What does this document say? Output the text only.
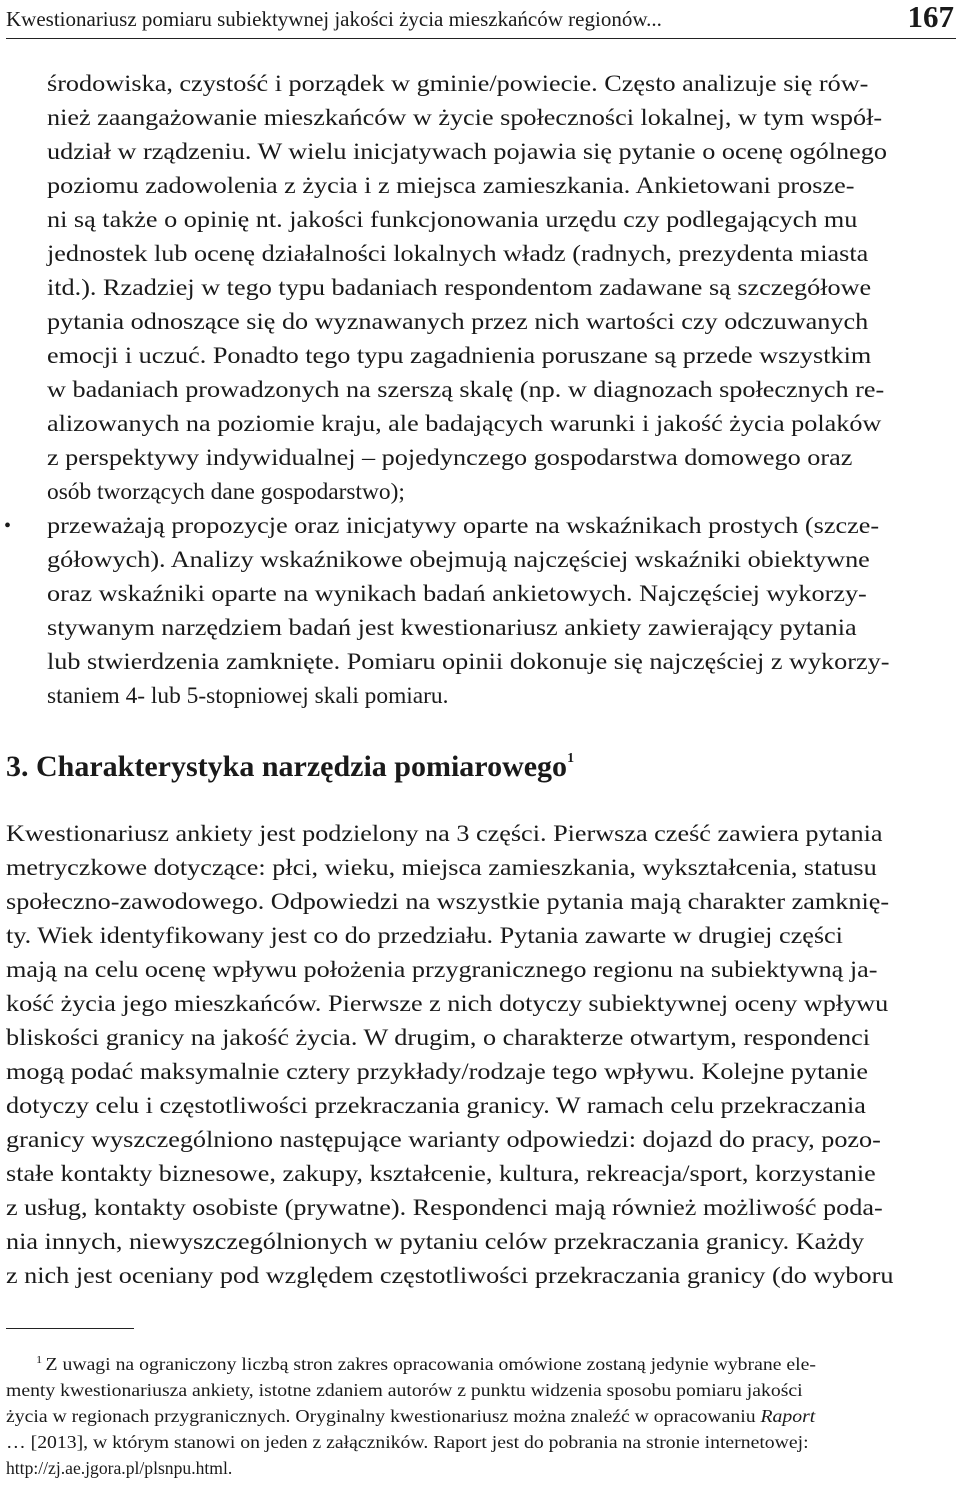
Kwestionariusz pomiaru subiektywnej jakości życia mieszkańców regionów...	167
środowiska, czystość i porządek w gminie/powiecie. Często analizuje się rów-
nież zaangażowanie mieszkańców w życie społeczności lokalnej, w tym współ-
udział w rządzeniu. W wielu inicjatywach pojawia się pytanie o ocenę ogólnego
poziomu zadowolenia z życia i z miejsca zamieszkania. Ankietowani prosze-
ni są także o opinię nt. jakości funkcjonowania urzędu czy podlegających mu
jednostek lub ocenę działalności lokalnych władz (radnych, prezydenta miasta
itd.). Rzadziej w tego typu badaniach respondentom zadawane są szczegółowe
pytania odnoszące się do wyznawanych przez nich wartości czy odczuwanych
emocji i uczuć. Ponadto tego typu zagadnienia poruszane są przede wszystkim
w badaniach prowadzonych na szerszą skalę (np. w diagnozach społecznych re-
alizowanych na poziomie kraju, ale badających warunki i jakość życia polaków
z perspektywy indywidualnej – pojedynczego gospodarstwa domowego oraz
osób tworzących dane gospodarstwo);
• przeważają propozycje oraz inicjatywy oparte na wskaźnikach prostych (szcze-
gółowych). Analizy wskaźnikowe obejmują najczęściej wskaźniki obiektywne
oraz wskaźniki oparte na wynikach badań ankietowych. Najczęściej wykorzy-
stywanym narzędziem badań jest kwestionariusz ankiety zawierający pytania
lub stwierdzenia zamknięte. Pomiaru opinii dokonuje się najczęściej z wykorzy-
staniem 4- lub 5-stopniowej skali pomiaru.
3. Charakterystyka narzędzia pomiarowego$^1$
Kwestionariusz ankiety jest podzielony na 3 części. Pierwsza cześć zawiera pytania
metryczkowe dotyczące: płci, wieku, miejsca zamieszkania, wykształcenia, statusu
społeczno-zawodowego. Odpowiedzi na wszystkie pytania mają charakter zamknię-
ty. Wiek identyfikowany jest co do przedziału. Pytania zawarte w drugiej części
mają na celu ocenę wpływu położenia przygranicznego regionu na subiektywną ja-
kość życia jego mieszkańców. Pierwsze z nich dotyczy subiektywnej oceny wpływu
bliskości granicy na jakość życia. W drugim, o charakterze otwartym, respondenci
mogą podać maksymalnie cztery przykłady/rodzaje tego wpływu. Kolejne pytanie
dotyczy celu i częstotliwości przekraczania granicy. W ramach celu przekraczania
granicy wyszczególniono następujące warianty odpowiedzi: dojazd do pracy, pozo-
stałe kontakty biznesowe, zakupy, kształcenie, kultura, rekreacja/sport, korzystanie
z usług, kontakty osobiste (prywatne). Respondenci mają również możliwość poda-
nia innych, niewyszczególnionych w pytaniu celów przekraczania granicy. Każdy
z nich jest oceniany pod względem częstotliwości przekraczania granicy (do wyboru
$^1$ Z uwagi na ograniczony liczbą stron zakres opracowania omówione zostaną jedynie wybrane ele-
menty kwestionariusza ankiety, istotne zdaniem autorów z punktu widzenia sposobu pomiaru jakości
życia w regionach przygranicznych. Oryginalny kwestionariusz można znaleźć w opracowaniu Raport
… [2013], w którym stanowi on jeden z załączników. Raport jest do pobrania na stronie internetowej:
http://zj.ae.jgora.pl/plsnpu.html.
